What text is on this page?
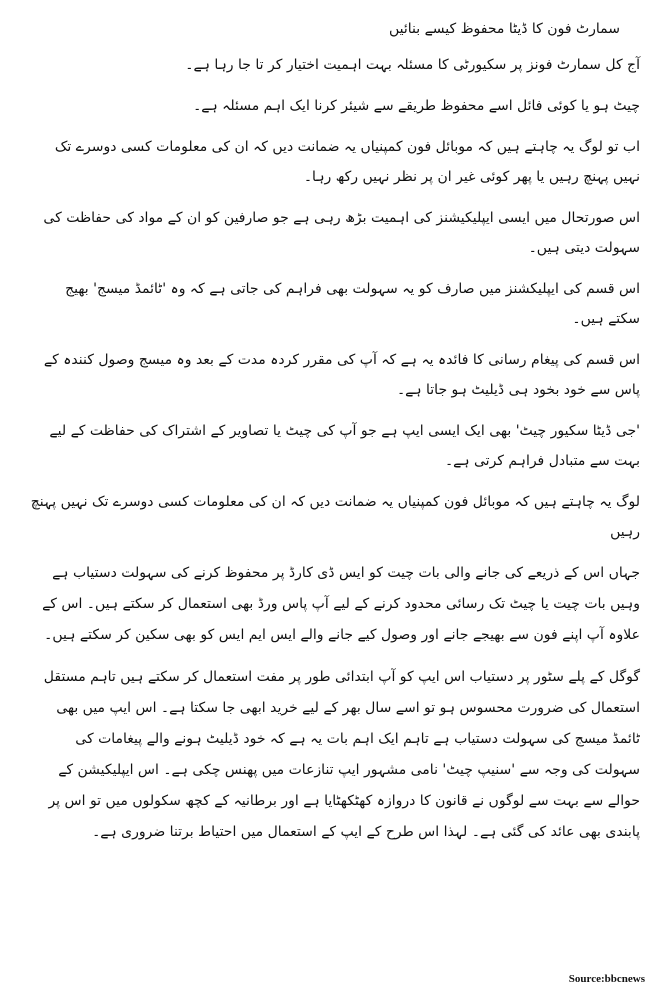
سمارٹ فون کا ڈیٹا محفوظ کیسے بنائیں

آج کل سمارٹ فونز پر سکیورٹی کا مسئلہ بہت اہمیت اختیار کر تا جا رہا ہے۔

چیٹ ہو یا کوئی فائل اسے محفوظ طریقے سے شیئر کرنا ایک اہم مسئلہ ہے۔

اب تو لوگ یہ چاہتے ہیں کہ موبائل فون کمپنیاں یہ ضمانت دیں کہ ان کی معلومات کسی دوسرے تک نہیں پہنچ رہیں یا پھر کوئی غیر ان پر نظر نہیں رکھ رہا۔

اس صورتحال میں ایسی ایپلیکیشنز کی اہمیت بڑھ رہی ہے جو صارفین کو ان کے مواد کی حفاظت کی سہولت دیتی ہیں۔

اس قسم کی ایپلیکشنز میں صارف کو یہ سہولت بھی فراہم کی جاتی ہے کہ وہ 'ٹائمڈ میسج' بھیج سکتے ہیں۔

اس قسم کی پیغام رسانی کا فائدہ یہ ہے کہ آپ کی مقرر کردہ مدت کے بعد وہ میسج وصول کنندہ کے پاس سے خود بخود ہی ڈیلیٹ ہو جاتا ہے۔

'جی ڈیٹا سکیور چیٹ' بھی ایک ایسی ایپ ہے جو آپ کی چیٹ یا تصاویر کے اشتراک کی حفاظت کے لیے بہت سے متبادل فراہم کرتی ہے۔

لوگ یہ چاہتے ہیں کہ موبائل فون کمپنیاں یہ ضمانت دیں کہ ان کی معلومات کسی دوسرے تک نہیں پہنچ رہیں

جہاں اس کے ذریعے کی جانے والی بات چیت کو ایس ڈی کارڈ پر محفوظ کرنے کی سہولت دستیاب ہے وہیں بات چیت یا چیٹ تک رسائی محدود کرنے کے لیے آپ پاس ورڈ بھی استعمال کر سکتے ہیں۔ اس کے علاوہ آپ اپنے فون سے بھیجے جانے اور وصول کیے جانے والے ایس ایم ایس کو بھی سکین کر سکتے ہیں۔

گوگل کے پلے سٹور پر دستیاب اس ایپ کو آپ ابتدائی طور پر مفت استعمال کر سکتے ہیں تاہم مستقل استعمال کی ضرورت محسوس ہو تو اسے سال بھر کے لیے خرید ابھی جا سکتا ہے۔ اس ایپ میں بھی ٹائمڈ میسج کی سہولت دستیاب ہے تاہم ایک اہم بات یہ ہے کہ خود ڈیلیٹ ہونے والے پیغامات کی سہولت کی وجہ سے 'سنیپ چیٹ' نامی مشہور ایپ تنازعات میں پھنس چکی ہے۔ اس ایپلیکیشن کے حوالے سے بہت سے لوگوں نے قانون کا دروازہ کھٹکھٹایا ہے اور برطانیہ کے کچھ سکولوں میں تو اس پر پابندی بھی عائد کی گئی ہے۔ لہذا اس طرح کے ایپ کے استعمال میں احتیاط برتنا ضروری ہے۔

Source:bbcnews
